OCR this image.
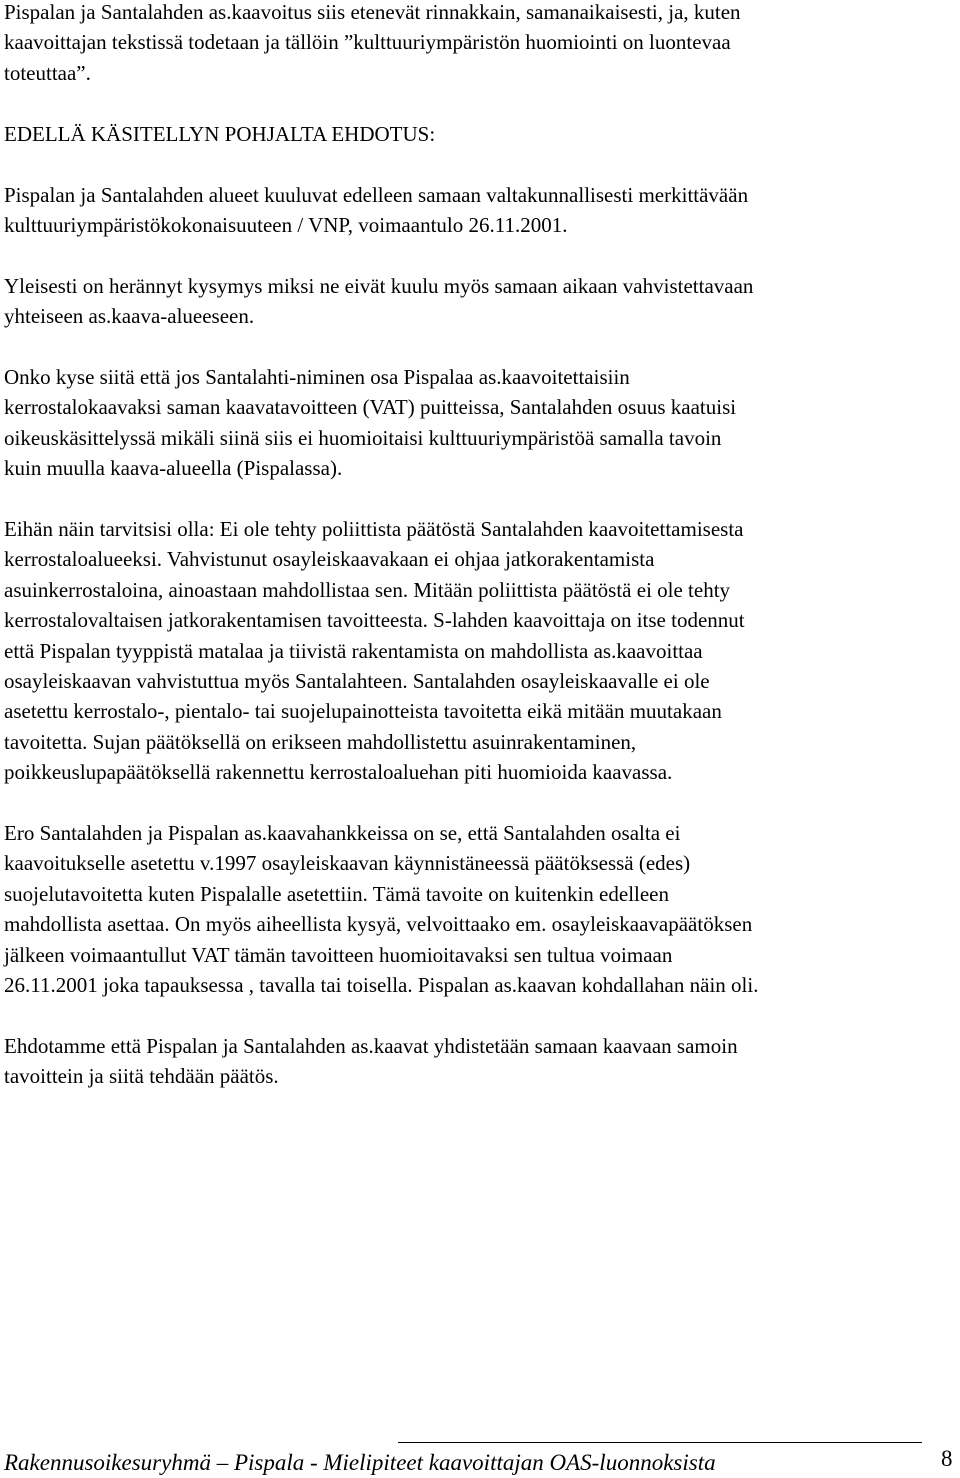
Pispalan ja Santalahden as.kaavoitus siis etenevät rinnakkain, samanaikaisesti, ja, kuten
kaavoittajan tekstissä todetaan ja tällöin ”kulttuuriympäristön huomiointi on luontevaa
toteuttaa”.

EDELLÄ KÄSITELLYN POHJALTA EHDOTUS:

Pispalan ja Santalahden alueet kuuluvat edelleen samaan valtakunnallisesti merkittävään
kulttuuriympäristökokonaisuuteen / VNP, voimaantulo 26.11.2001.

Yleisesti on herännyt kysymys miksi ne eivät kuulu myös samaan aikaan vahvistettavaan
yhteiseen as.kaava-alueeseen.

Onko kyse siitä että jos Santalahti-niminen osa Pispalaa as.kaavoitettaisiin
kerrostalokaavaksi saman kaavatavoitteen (VAT) puitteissa, Santalahden osuus kaatuisi
oikeuskäsittelyssä mikäli siinä siis ei huomioitaisi kulttuuriympäristöä samalla tavoin
kuin muulla kaava-alueella (Pispalassa).

Eihän näin tarvitsisi olla: Ei ole tehty poliittista päätöstä Santalahden kaavoitettamisesta
kerrostaloalueeksi. Vahvistunut osayleiskaavakaan ei ohjaa jatkorakentamista
asuinkerrostaloina, ainoastaan mahdollistaa sen. Mitään poliittista päätöstä ei ole tehty
kerrostalovaltaisen jatkorakentamisen tavoitteesta. S-lahden kaavoittaja on itse todennut
että Pispalan tyyppistä matalaa ja tiivistä rakentamista on mahdollista as.kaavoittaa
osayleiskaavan vahvistuttua myös Santalahteen. Santalahden osayleiskaavalle ei ole
asetettu kerrostalo-, pientalo- tai suojelupainotteista tavoitetta eikä mitään muutakaan
tavoitetta. Sujan päätöksellä on erikseen mahdollistettu asuinrakentaminen,
poikkeuslupapäätöksellä rakennettu kerrostaloaluehan piti huomioida kaavassa.

Ero Santalahden ja Pispalan as.kaavahankkeissa on se, että Santalahden osalta ei
kaavoitukselle asetettu v.1997 osayleiskaavan käynnistäneessä päätöksessä (edes)
suojelutavoitetta kuten Pispalalle asetettiin. Tämä tavoite on kuitenkin edelleen
mahdollista asettaa. On myös aiheellista kysyä, velvoittaako em. osayleiskaavapäätöksen
jälkeen voimaantullut VAT tämän tavoitteen huomioitavaksi sen tultua voimaan
26.11.2001 joka tapauksessa , tavalla tai toisella. Pispalan as.kaavan kohdallahan näin oli.

Ehdotamme että Pispalan ja Santalahden as.kaavat yhdistetään samaan kaavaan samoin
tavoittein ja siitä tehdään päätös.

Rakennusoikesuryhmä – Pispala - Mielipiteet kaavoittajan OAS-luonnoksista	8
